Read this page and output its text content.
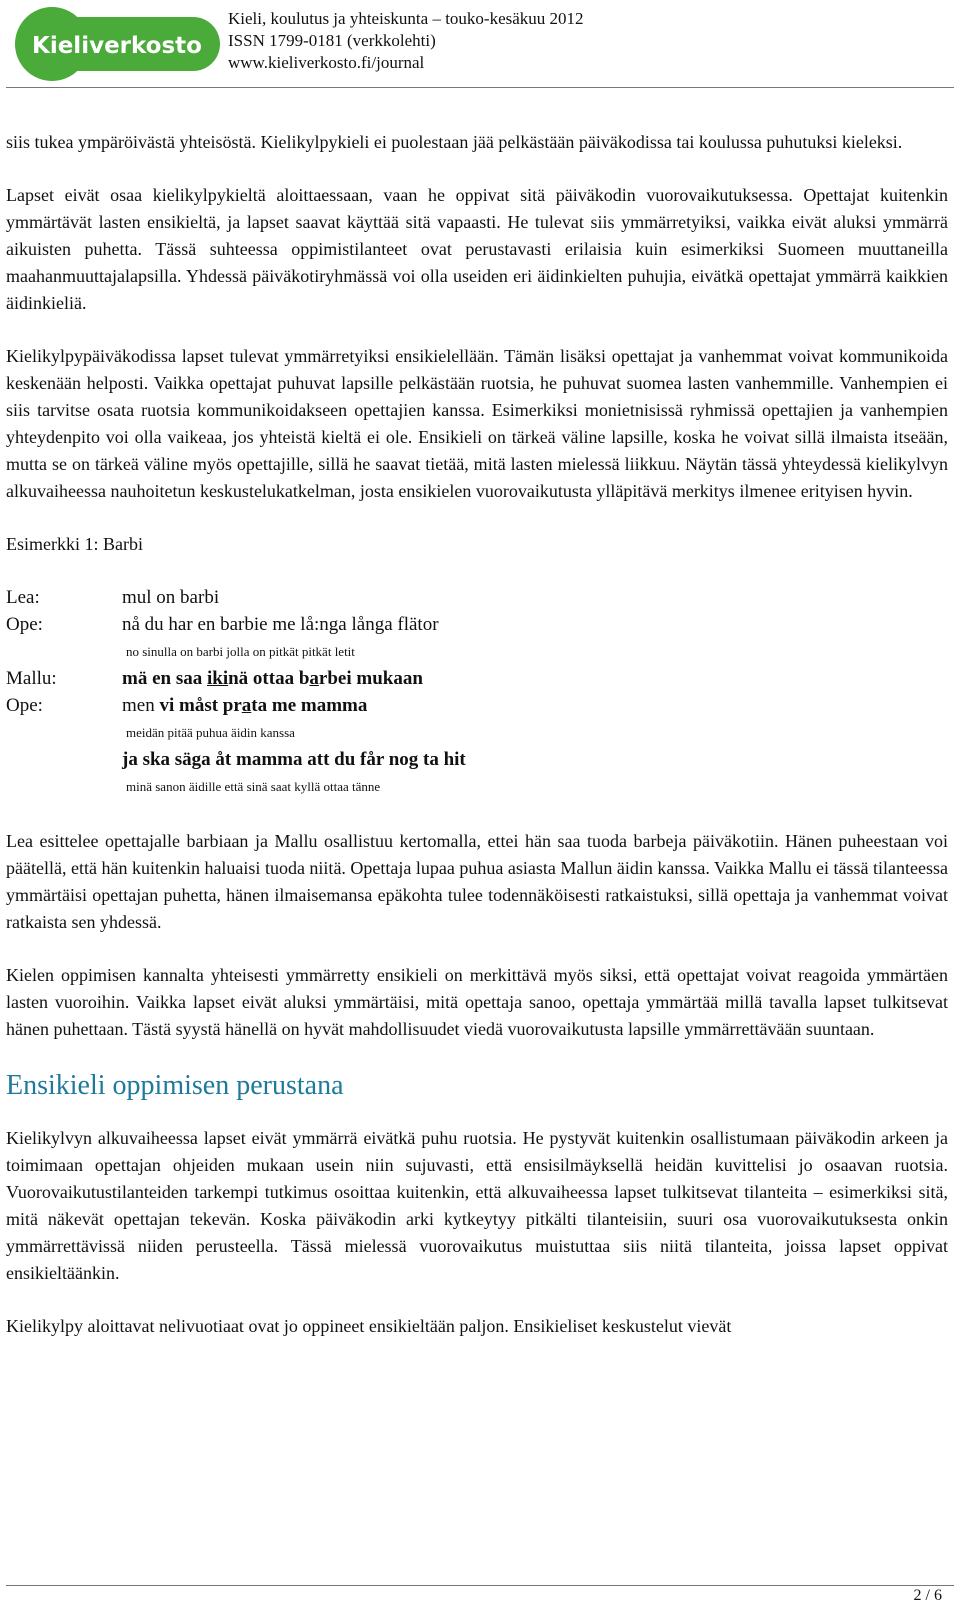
Kieliverkosto
Kieli, koulutus ja yhteiskunta – touko-kesäkuu 2012
ISSN 1799-0181 (verkkolehti)
www.kieliverkosto.fi/journal

siis tukea ympäröivästä yhteisöstä. Kielikylpykieli ei puolestaan jää pelkästään päiväkodissa tai koulussa puhutuksi kieleksi.

Lapset eivät osaa kielikylpykieltä aloittaessaan, vaan he oppivat sitä päiväkodin vuorovaikutuksessa. Opettajat kuitenkin ymmärtävät lasten ensikieltä, ja lapset saavat käyttää sitä vapaasti. He tulevat siis ymmärretyiksi, vaikka eivät aluksi ymmärrä aikuisten puhetta. Tässä suhteessa oppimistilanteet ovat perustavasti erilaisia kuin esimerkiksi Suomeen muuttaneilla maahanmuuttajalapsilla. Yhdessä päiväkotiryhmässä voi olla useiden eri äidinkielten puhujia, eivätkä opettajat ymmärrä kaikkien äidinkieliä.

Kielikylpypäiväkodissa lapset tulevat ymmärretyiksi ensikielellään. Tämän lisäksi opettajat ja vanhemmat voivat kommunikoida keskenään helposti. Vaikka opettajat puhuvat lapsille pelkästään ruotsia, he puhuvat suomea lasten vanhemmille. Vanhempien ei siis tarvitse osata ruotsia kommunikoidakseen opettajien kanssa. Esimerkiksi monietnisissä ryhmissä opettajien ja vanhempien yhteydenpito voi olla vaikeaa, jos yhteistä kieltä ei ole. Ensikieli on tärkeä väline lapsille, koska he voivat sillä ilmaista itseään, mutta se on tärkeä väline myös opettajille, sillä he saavat tietää, mitä lasten mielessä liikkuu. Näytän tässä yhteydessä kielikylvyn alkuvaiheessa nauhoitetun keskustelukatkelman, josta ensikielen vuorovaikutusta ylläpitävä merkitys ilmenee erityisen hyvin.

Esimerkki 1: Barbi

Lea:	mul on barbi
Ope:	nå du har en barbie me lå:nga långa flätor
no sinulla on barbi jolla on pitkät pitkät letit
Mallu:	mä en saa ikinä ottaa barbei mukaan
Ope:	men vi måst prata me mamma
meidän pitää puhua äidin kanssa
ja ska säga åt mamma att du får nog ta hit
minä sanon äidille että sinä saat kyllä ottaa tänne

Lea esittelee opettajalle barbiaan ja Mallu osallistuu kertomalla, ettei hän saa tuoda barbeja päiväkotiin. Hänen puheestaan voi päätellä, että hän kuitenkin haluaisi tuoda niitä. Opettaja lupaa puhua asiasta Mallun äidin kanssa. Vaikka Mallu ei tässä tilanteessa ymmärtäisi opettajan puhetta, hänen ilmaisemansa epäkohta tulee todennäköisesti ratkaistuksi, sillä opettaja ja vanhemmat voivat ratkaista sen yhdessä.

Kielen oppimisen kannalta yhteisesti ymmärretty ensikieli on merkittävä myös siksi, että opettajat voivat reagoida ymmärtäen lasten vuoroihin. Vaikka lapset eivät aluksi ymmärtäisi, mitä opettaja sanoo, opettaja ymmärtää millä tavalla lapset tulkitsevat hänen puhettaan. Tästä syystä hänellä on hyvät mahdollisuudet viedä vuorovaikutusta lapsille ymmärrettävään suuntaan.

Ensikieli oppimisen perustana

Kielikylvyn alkuvaiheessa lapset eivät ymmärrä eivätkä puhu ruotsia. He pystyvät kuitenkin osallistumaan päiväkodin arkeen ja toimimaan opettajan ohjeiden mukaan usein niin sujuvasti, että ensisilmäyksellä heidän kuvittelisi jo osaavan ruotsia. Vuorovaikutustilanteiden tarkempi tutkimus osoittaa kuitenkin, että alkuvaiheessa lapset tulkitsevat tilanteita – esimerkiksi sitä, mitä näkevät opettajan tekevän. Koska päiväkodin arki kytkeytyy pitkälti tilanteisiin, suuri osa vuorovaikutuksesta onkin ymmärrettävissä niiden perusteella. Tässä mielessä vuorovaikutus muistuttaa siis niitä tilanteita, joissa lapset oppivat ensikieltäänkin.

Kielikylpy aloittavat nelivuotiaat ovat jo oppineet ensikieltään paljon. Ensikieliset keskustelut vievät

2 / 6
